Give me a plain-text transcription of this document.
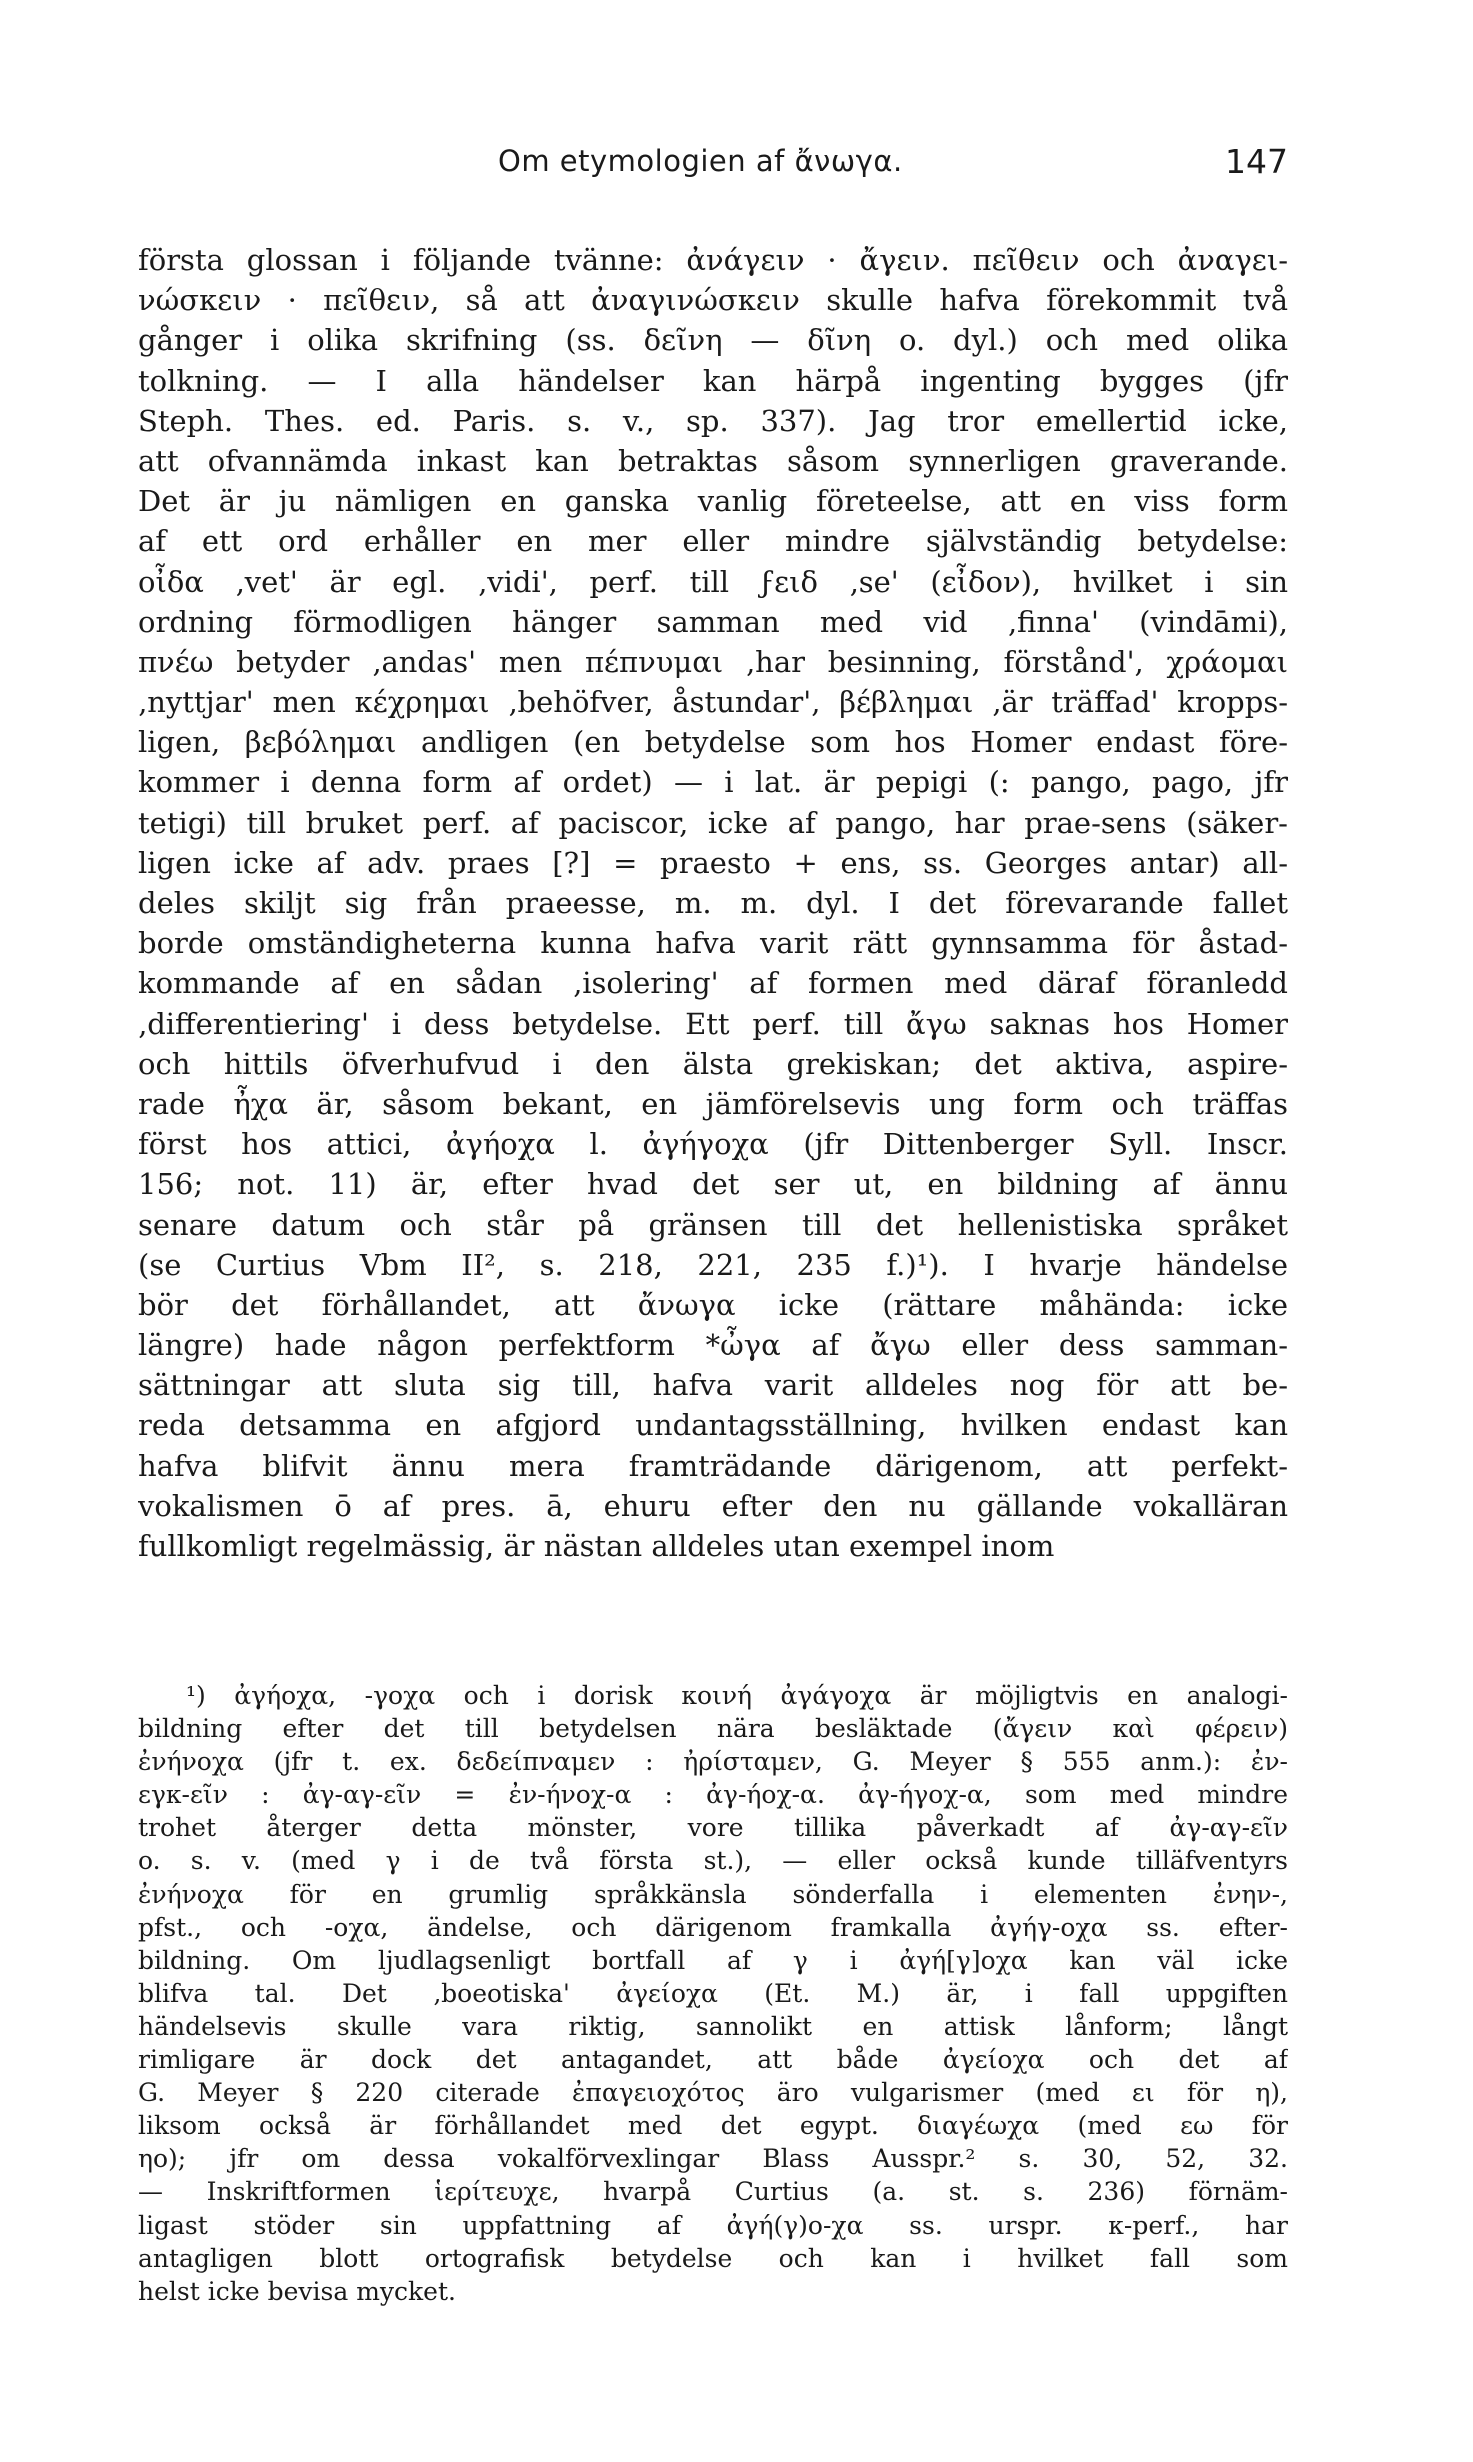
Om etymologien af ἄνωγα.	147
första glossan i följande tvänne: ἀνάγειν · ἄγειν. πεῖθειν och ἀναγει-
νώσκειν · πεῖθειν, så att ἀναγινώσκειν skulle hafva förekommit två
gånger i olika skrifning (ss. δεῖνη — δῖνη o. dyl.) och med olika
tolkning. — I alla händelser kan härpå ingenting bygges (jfr
Steph. Thes. ed. Paris. s. v., sp. 337). Jag tror emellertid icke,
att ofvannämda inkast kan betraktas såsom synnerligen graverande.
Det är ju nämligen en ganska vanlig företeelse, att en viss form
af ett ord erhåller en mer eller mindre självständig betydelse:
οἶδα ‚vet' är egl. ‚vidi', perf. till ϝειδ ‚se' (εἶδον), hvilket i sin
ordning förmodligen hänger samman med vid ‚finna' (vindāmi),
πνέω betyder ‚andas' men πέπνυμαι ‚har besinning, förstånd', χράομαι
‚nyttjar' men κέχρημαι ‚behöfver, åstundar', βέβλημαι ‚är träffad' kropps-
ligen, βεβόλημαι andligen (en betydelse som hos Homer endast före-
kommer i denna form af ordet) — i lat. är pepigi (: pango, pago, jfr
tetigi) till bruket perf. af paciscor, icke af pango, har prae-sens (säker-
ligen icke af adv. praes [?] = praesto + ens, ss. Georges antar) all-
deles skiljt sig från praeesse, m. m. dyl. I det förevarande fallet
borde omständigheterna kunna hafva varit rätt gynnsamma för åstad-
kommande af en sådan ‚isolering' af formen med däraf föranledd
‚differentiering' i dess betydelse. Ett perf. till ἄγω saknas hos Homer
och hittils öfverhufvud i den älsta grekiskan; det aktiva, aspire-
rade ἦχα är, såsom bekant, en jämförelsevis ung form och träffas
först hos attici, ἀγήοχα l. ἀγήγοχα (jfr Dittenberger Syll. Inscr.
156; not. 11) är, efter hvad det ser ut, en bildning af ännu
senare datum och står på gränsen till det hellenistiska språket
(se Curtius Vbm II², s. 218, 221, 235 f.)¹). I hvarje händelse
bör det förhållandet, att ἄνωγα icke (rättare måhända: icke
längre) hade någon perfektform *ὦγα af ἄγω eller dess samman-
sättningar att sluta sig till, hafva varit alldeles nog för att be-
reda detsamma en afgjord undantagsställning, hvilken endast kan
hafva blifvit ännu mera framträdande därigenom, att perfekt-
vokalismen ō af pres. ā, ehuru efter den nu gällande vokalläran
fullkomligt regelmässig, är nästan alldeles utan exempel inom
¹) ἀγήοχα, -γοχα och i dorisk κοινή ἀγάγοχα är möjligtvis en analogi-
bildning efter det till betydelsen nära besläktade (ἄγειν καὶ φέρειν)
ἐνήνοχα (jfr t. ex. δεδείπναμεν : ἠρίσταμεν, G. Meyer § 555 anm.): ἐν-
εγκ-εῖν : ἀγ-αγ-εῖν = ἐν-ήνοχ-α : ἀγ-ήοχ-α. ἀγ-ήγοχ-α, som med mindre
trohet återger detta mönster, vore tillika påverkadt af ἀγ-αγ-εῖν
o. s. v. (med γ i de två första st.), — eller också kunde tilläfventyrs
ἐνήνοχα för en grumlig språkkänsla sönderfalla i elementen ἐνην-,
pfst., och -οχα, ändelse, och därigenom framkalla ἀγήγ-οχα ss. efter-
bildning. Om ljudlagsenligt bortfall af γ i ἀγή[γ]οχα kan väl icke
blifva tal. Det ‚boeotiska' ἀγείοχα (Et. M.) är, i fall uppgiften
händelsevis skulle vara riktig, sannolikt en attisk lånform; långt
rimligare är dock det antagandet, att både ἀγείοχα och det af
G. Meyer § 220 citerade ἐπαγειοχότος äro vulgarismer (med ει för η),
liksom också är förhållandet med det egypt. διαγέωχα (med εω för
ηο); jfr om dessa vokalförvexlingar Blass Ausspr.² s. 30, 52, 32.
— Inskriftformen ἱερίτευχε, hvarpå Curtius (a. st. s. 236) förnäm-
ligast stöder sin uppfattning af ἀγή(γ)ο-χα ss. urspr. κ-perf., har
antagligen blott ortografisk betydelse och kan i hvilket fall som
helst icke bevisa mycket.
